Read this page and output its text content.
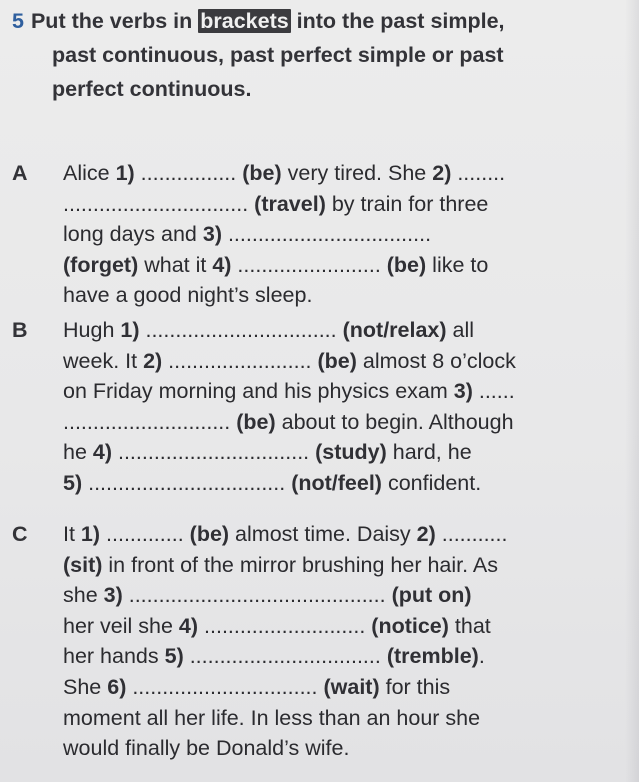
5 Put the verbs in brackets into the past simple,
past continuous, past perfect simple or past
perfect continuous.
A Alice 1) ................ (be) very tired. She 2) ........
............................... (travel) by train for three
long days and 3) ..................................
(forget) what it 4) ........................ (be) like to
have a good night’s sleep.
B Hugh 1) ................................ (not/relax) all
week. It 2) ........................ (be) almost 8 o’clock
on Friday morning and his physics exam 3) ......
............................ (be) about to begin. Although
he 4) ................................ (study) hard, he
5) ................................. (not/feel) confident.
C It 1) ............. (be) almost time. Daisy 2) ...........
(sit) in front of the mirror brushing her hair. As
she 3) ........................................... (put on)
her veil she 4) ........................... (notice) that
her hands 5) ................................ (tremble).
She 6) ............................... (wait) for this
moment all her life. In less than an hour she
would finally be Donald’s wife.
